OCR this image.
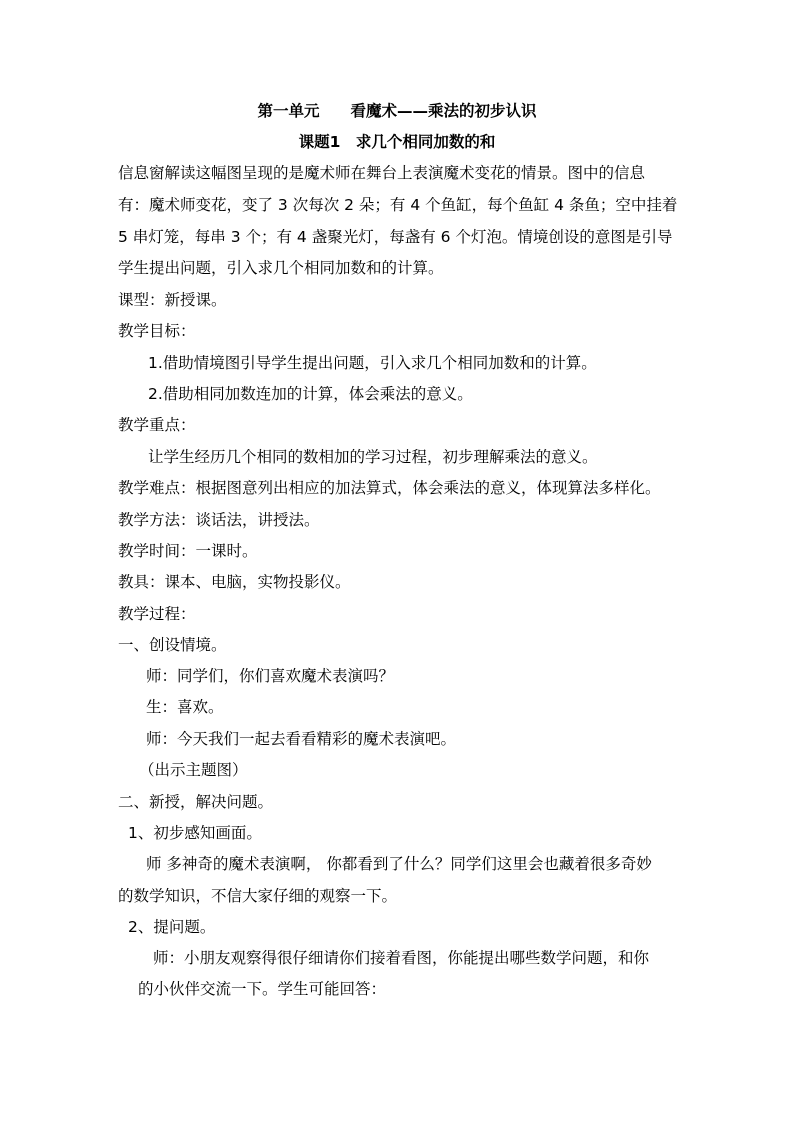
第一单元　　看魔术——乘法的初步认识
课题1　求几个相同加数的和
信息窗解读这幅图呈现的是魔术师在舞台上表演魔术变花的情景。图中的信息
有：魔术师变花，变了 3 次每次 2 朵；有 4 个鱼缸，每个鱼缸 4 条鱼；空中挂着
5 串灯笼，每串 3 个；有 4 盏聚光灯，每盏有 6 个灯泡。情境创设的意图是引导
学生提出问题，引入求几个相同加数和的计算。
课型：新授课。
教学目标：
1.借助情境图引导学生提出问题，引入求几个相同加数和的计算。
2.借助相同加数连加的计算，体会乘法的意义。
教学重点：
让学生经历几个相同的数相加的学习过程，初步理解乘法的意义。
教学难点：根据图意列出相应的加法算式，体会乘法的意义，体现算法多样化。
教学方法：谈话法，讲授法。
教学时间：一课时。
教具：课本、电脑，实物投影仪。
教学过程：
一、创设情境。
师：同学们，你们喜欢魔术表演吗？
生：喜欢。
师：今天我们一起去看看精彩的魔术表演吧。
（出示主题图）
二、新授，解决问题。
1、初步感知画面。
师 多神奇的魔术表演啊， 你都看到了什么？同学们这里会也藏着很多奇妙
的数学知识，不信大家仔细的观察一下。
2、提问题。
师：小朋友观察得很仔细请你们接着看图，你能提出哪些数学问题，和你
的小伙伴交流一下。学生可能回答：
